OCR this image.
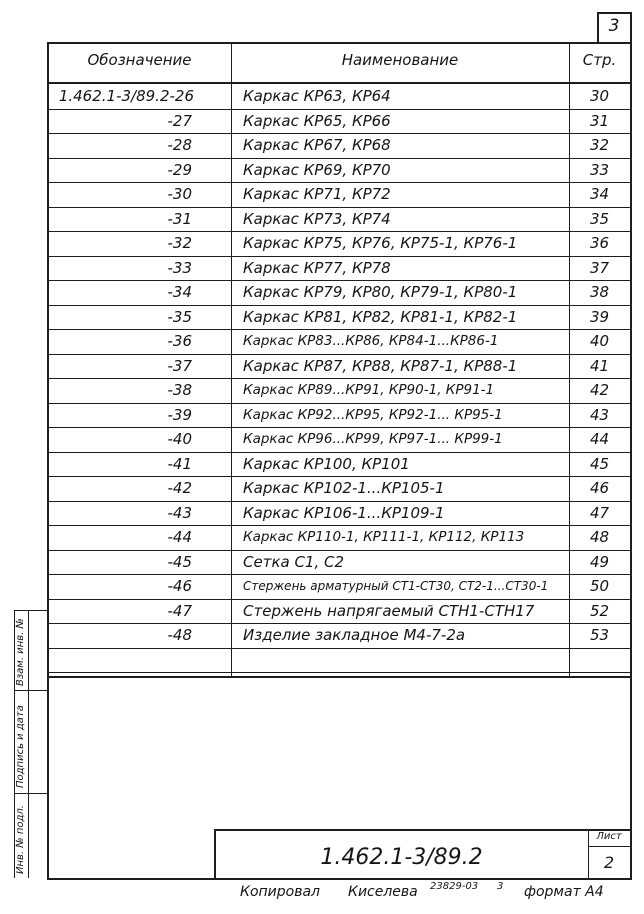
3
Обозначение	Наименование	Стр.
1.462.1-3/89.2-26	Каркас КР63, КР64	30
-27	Каркас КР65, КР66	31
-28	Каркас КР67, КР68	32
-29	Каркас КР69, КР70	33
-30	Каркас КР71, КР72	34
-31	Каркас КР73, КР74	35
-32	Каркас КР75, КР76, КР75-1, КР76-1	36
-33	Каркас КР77, КР78	37
-34	Каркас КР79, КР80, КР79-1, КР80-1	38
-35	Каркас КР81, КР82, КР81-1, КР82-1	39
-36	Каркас КР83...КР86, КР84-1...КР86-1	40
-37	Каркас КР87, КР88, КР87-1, КР88-1	41
-38	Каркас КР89...КР91, КР90-1, КР91-1	42
-39	Каркас КР92...КР95, КР92-1... КР95-1	43
-40	Каркас КР96...КР99, КР97-1... КР99-1	44
-41	Каркас КР100, КР101	45
-42	Каркас КР102-1...КР105-1	46
-43	Каркас КР106-1...КР109-1	47
-44	Каркас КР110-1, КР111-1, КР112, КР113	48
-45	Сетка С1, С2	49
-46	Стержень арматурный СТ1-СТ30, СТ2-1...СТ30-1	50
-47	Стержень напрягаемый СТН1-СТН17	52
-48	Изделие закладное М4-7-2а	53
Взам. инв. №
Подпись и дата
Инв. № подл.	1.462.1-3/89.2
Лист
2
Копировал Киселева 23829-03 3 формат А4
